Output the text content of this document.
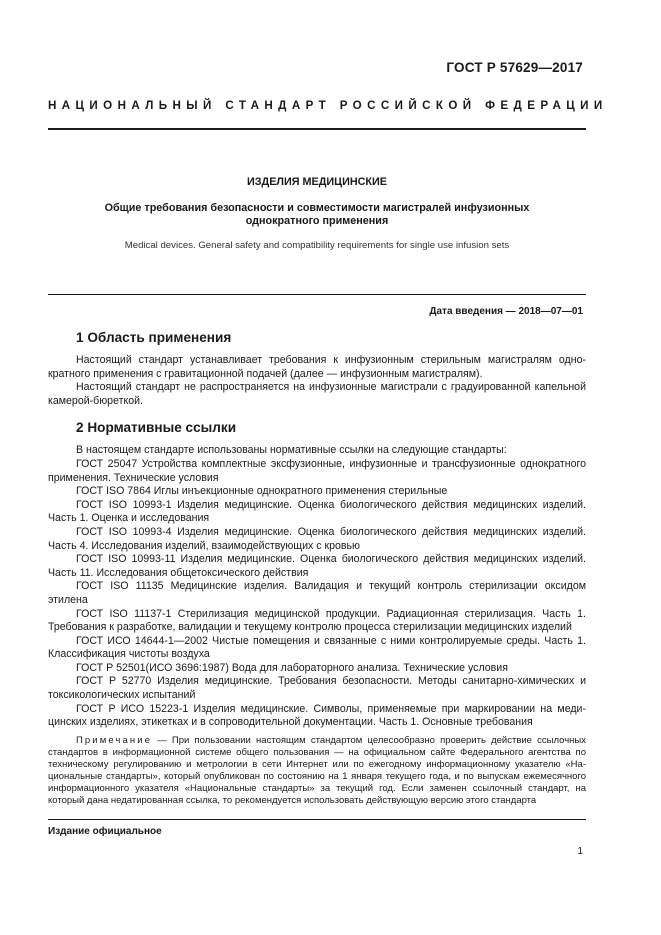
ГОСТ Р 57629—2017
НАЦИОНАЛЬНЫЙ СТАНДАРТ РОССИЙСКОЙ ФЕДЕРАЦИИ
ИЗДЕЛИЯ МЕДИЦИНСКИЕ
Общие требования безопасности и совместимости магистралей инфузионных
однократного применения
Medical devices. General safety and compatibility requirements for single use infusion sets
Дата введения — 2018—07—01
1 Область применения

Настоящий стандарт устанавливает требования к инфузионным стерильным магистралям однократного применения с гравитационной подачей (далее — инфузионным магистралям).

Настоящий стандарт не распространяется на инфузионные магистрали с градуированной капельной камерой-бюреткой.

2 Нормативные ссылки

В настоящем стандарте использованы нормативные ссылки на следующие стандарты:

ГОСТ 25047 Устройства комплектные эксфузионные, инфузионные и трансфузионные однократного применения. Технические условия

ГОСТ ISO 7864 Иглы инъекционные однократного применения стерильные

ГОСТ ISO 10993-1 Изделия медицинские. Оценка биологического действия медицинских изделий. Часть 1. Оценка и исследования

ГОСТ ISO 10993-4 Изделия медицинские. Оценка биологического действия медицинских изделий. Часть 4. Исследования изделий, взаимодействующих с кровью

ГОСТ ISO 10993-11 Изделия медицинские. Оценка биологического действия медицинских изделий. Часть 11. Исследования общетоксического действия

ГОСТ ISO 11135 Медицинские изделия. Валидация и текущий контроль стерилизации оксидом этилена

ГОСТ ISO 11137-1 Стерилизация медицинской продукции. Радиационная стерилизация. Часть 1. Требования к разработке, валидации и текущему контролю процесса стерилизации медицинских изделий

ГОСТ ИСО 14644-1—2002 Чистые помещения и связанные с ними контролируемые среды. Часть 1. Классификация чистоты воздуха

ГОСТ Р 52501(ИСО 3696:1987) Вода для лабораторного анализа. Технические условия

ГОСТ Р 52770 Изделия медицинские. Требования безопасности. Методы санитарно-химических и токсикологических испытаний

ГОСТ Р ИСО 15223-1 Изделия медицинские. Символы, применяемые при маркировании на медицинских изделиях, этикетках и в сопроводительной документации. Часть 1. Основные требования

Примечание — При пользовании настоящим стандартом целесообразно проверить действие ссылочных стандартов в информационной системе общего пользования — на официальном сайте Федерального агентства по техническому регулированию и метрологии в сети Интернет или по ежегодному информационному указателю «Национальные стандарты», который опубликован по состоянию на 1 января текущего года, и по выпускам ежемесячного информационного указателя «Национальные стандарты» за текущий год. Если заменен ссылочный стандарт, на который дана недатированная ссылка, то рекомендуется использовать действующую версию этого стандарта

Издание официальное
1
